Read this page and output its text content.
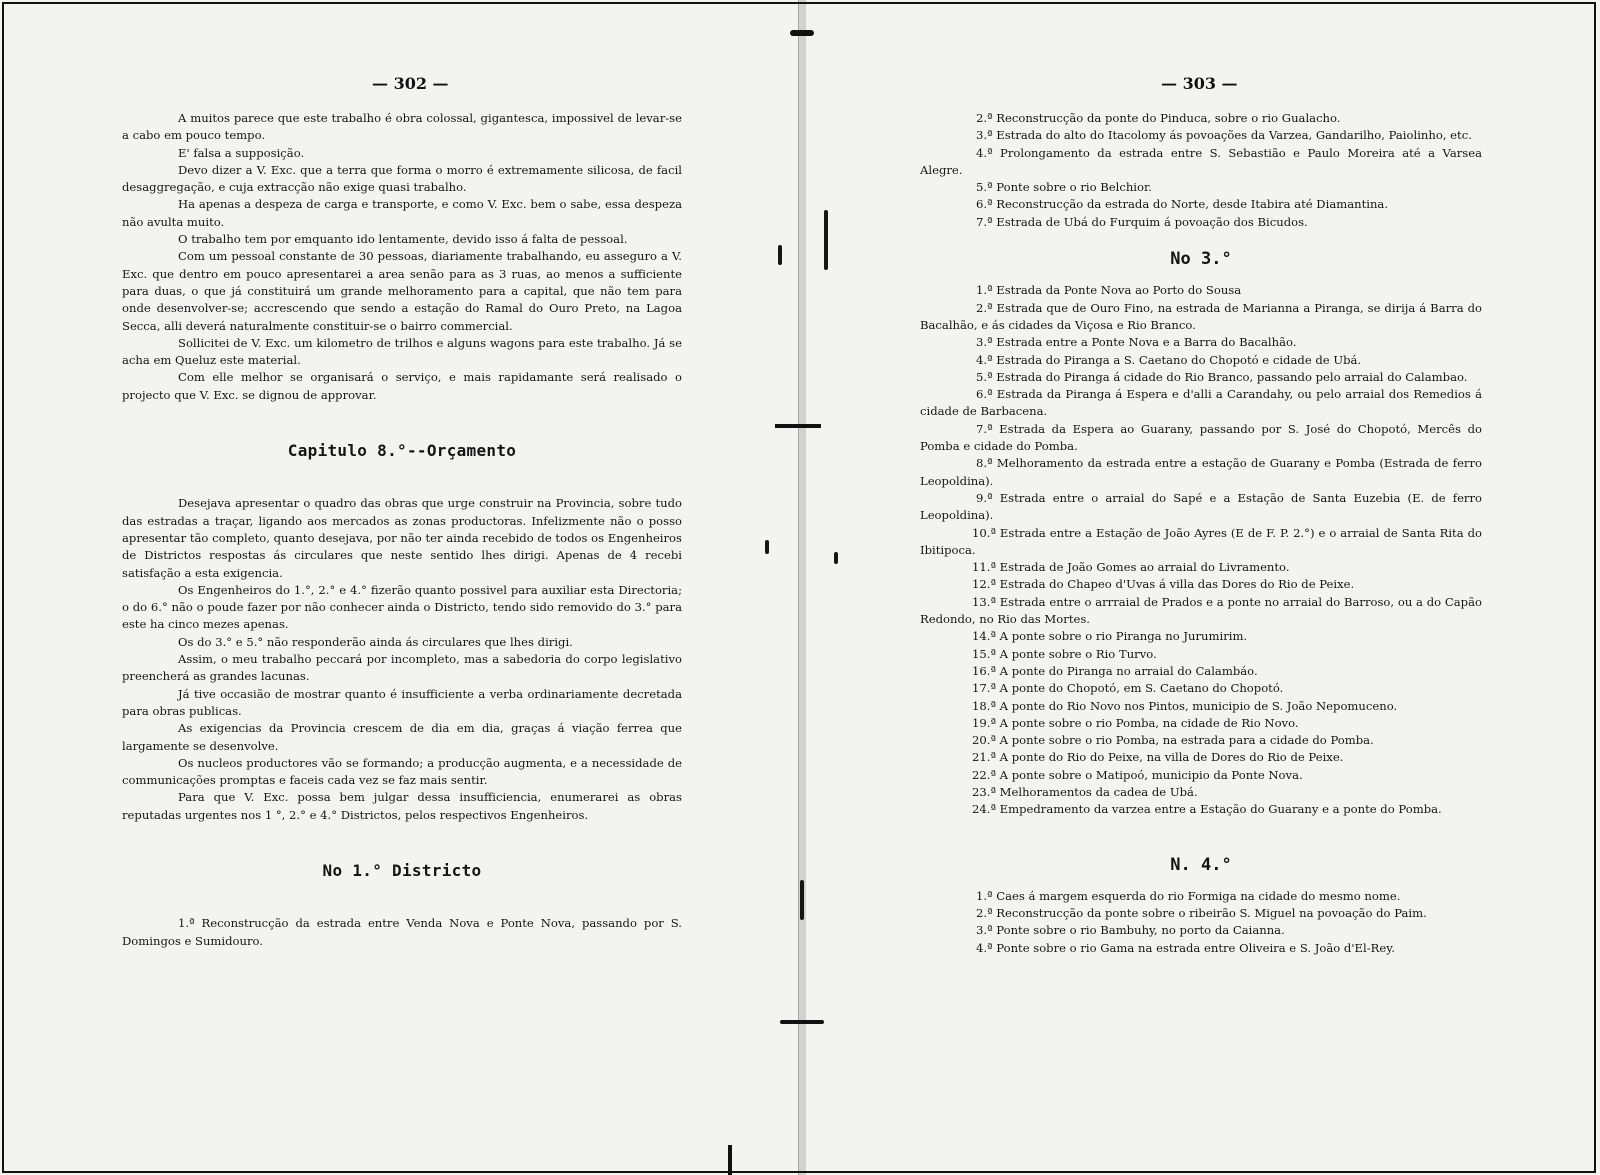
— 302 —

A muitos parece que este trabalho é obra colossal, gigantesca, impossivel de levar-se a cabo em pouco tempo.

E' falsa a supposição.

Devo dizer a V. Exc. que a terra que forma o morro é extremamente silicosa, de facil desaggregação, e cuja extracção não exige quasi trabalho.

Ha apenas a despeza de carga e transporte, e como V. Exc. bem o sabe, essa despeza não avulta muito.

O trabalho tem por emquanto ido lentamente, devido isso á falta de pessoal.

Com um pessoal constante de 30 pessoas, diariamente trabalhando, eu asseguro a V. Exc. que dentro em pouco apresentarei a area senão para as 3 ruas, ao menos a sufficiente para duas, o que já constituirá um grande melhoramento para a capital, que não tem para onde desenvolver-se; accrescendo que sendo a estação do Ramal do Ouro Preto, na Lagoa Secca, alli deverá naturalmente constituir-se o bairro commercial.

Sollicitei de V. Exc. um kilometro de trilhos e alguns wagons para este trabalho. Já se acha em Queluz este material.

Com elle melhor se organisará o serviço, e mais rapidamante será realisado o projecto que V. Exc. se dignou de approvar.

Capitulo 8.°--Orçamento

Desejava apresentar o quadro das obras que urge construir na Provincia, sobre tudo das estradas a traçar, ligando aos mercados as zonas productoras. Infelizmente não o posso apresentar tão completo, quanto desejava, por não ter ainda recebido de todos os Engenheiros de Districtos respostas ás circulares que neste sentido lhes dirigi. Apenas de 4 recebi satisfação a esta exigencia.

Os Engenheiros do 1.°, 2.° e 4.° fizerão quanto possivel para auxiliar esta Directoria; o do 6.° não o poude fazer por não conhecer ainda o Districto, tendo sido removido do 3.° para este ha cinco mezes apenas.

Os do 3.° e 5.° não responderão ainda ás circulares que lhes dirigi.

Assim, o meu trabalho peccará por incompleto, mas a sabedoria do corpo legislativo preencherá as grandes lacunas.

Já tive occasião de mostrar quanto é insufficiente a verba ordinariamente decretada para obras publicas.

As exigencias da Provincia crescem de dia em dia, graças á viação ferrea que largamente se desenvolve.

Os nucleos productores vão se formando; a producção augmenta, e a necessidade de communicações promptas e faceis cada vez se faz mais sentir.

Para que V. Exc. possa bem julgar dessa insufficiencia, enumerarei as obras reputadas urgentes nos 1 °, 2.° e 4.° Districtos, pelos respectivos Engenheiros.

No 1.° Districto

1.ª Reconstrucção da estrada entre Venda Nova e Ponte Nova, passando por S. Domingos e Sumidouro.

— 303 —

2.ª Reconstrucção da ponte do Pinduca, sobre o rio Gualacho.

3.ª Estrada do alto do Itacolomy ás povoações da Varzea, Gandarilho, Paiolinho, etc.

4.ª Prolongamento da estrada entre S. Sebastião e Paulo Moreira até a Varsea Alegre.

5.ª Ponte sobre o rio Belchior.

6.ª Reconstrucção da estrada do Norte, desde Itabira até Diamantina.

7.ª Estrada de Ubá do Furquim á povoação dos Bicudos.

No 3.°

1.ª Estrada da Ponte Nova ao Porto do Sousa

2.ª Estrada que de Ouro Fino, na estrada de Marianna a Piranga, se dirija á Barra do Bacalhão, e ás cidades da Viçosa e Rio Branco.

3.ª Estrada entre a Ponte Nova e a Barra do Bacalhão.

4.ª Estrada do Piranga a S. Caetano do Chopotó e cidade de Ubá.

5.ª Estrada do Piranga á cidade do Rio Branco, passando pelo arraial do Calambao.

6.ª Estrada da Piranga á Espera e d'alli a Carandahy, ou pelo arraial dos Remedios á cidade de Barbacena.

7.ª Estrada da Espera ao Guarany, passando por S. José do Chopotó, Mercês do Pomba e cidade do Pomba.

8.ª Melhoramento da estrada entre a estação de Guarany e Pomba (Estrada de ferro Leopoldina).

9.ª Estrada entre o arraial do Sapé e a Estação de Santa Euzebia (E. de ferro Leopoldina).

10.ª Estrada entre a Estação de João Ayres (E de F. P. 2.°) e o arraial de Santa Rita do Ibitipoca.

11.ª Estrada de João Gomes ao arraial do Livramento.

12.ª Estrada do Chapeo d'Uvas á villa das Dores do Rio de Peixe.

13.ª Estrada entre o arrraial de Prados e a ponte no arraial do Barroso, ou a do Capão Redondo, no Rio das Mortes.

14.ª A ponte sobre o rio Piranga no Jurumirim.

15.ª A ponte sobre o Rio Turvo.

16.ª A ponte do Piranga no arraial do Calambáo.

17.ª A ponte do Chopotó, em S. Caetano do Chopotó.

18.ª A ponte do Rio Novo nos Pintos, municipio de S. João Nepomuceno.

19.ª A ponte sobre o rio Pomba, na cidade de Rio Novo.

20.ª A ponte sobre o rio Pomba, na estrada para a cidade do Pomba.

21.ª A ponte do Rio do Peixe, na villa de Dores do Rio de Peixe.

22.ª A ponte sobre o Matipoó, municipio da Ponte Nova.

23.ª Melhoramentos da cadea de Ubá.

24.ª Empedramento da varzea entre a Estação do Guarany e a ponte do Pomba.

N. 4.°

1.ª Caes á margem esquerda do rio Formiga na cidade do mesmo nome.

2.ª Reconstrucção da ponte sobre o ribeirão S. Miguel na povoação do Paim.

3.ª Ponte sobre o rio Bambuhy, no porto da Caianna.

4.ª Ponte sobre o rio Gama na estrada entre Oliveira e S. João d'El-Rey.
